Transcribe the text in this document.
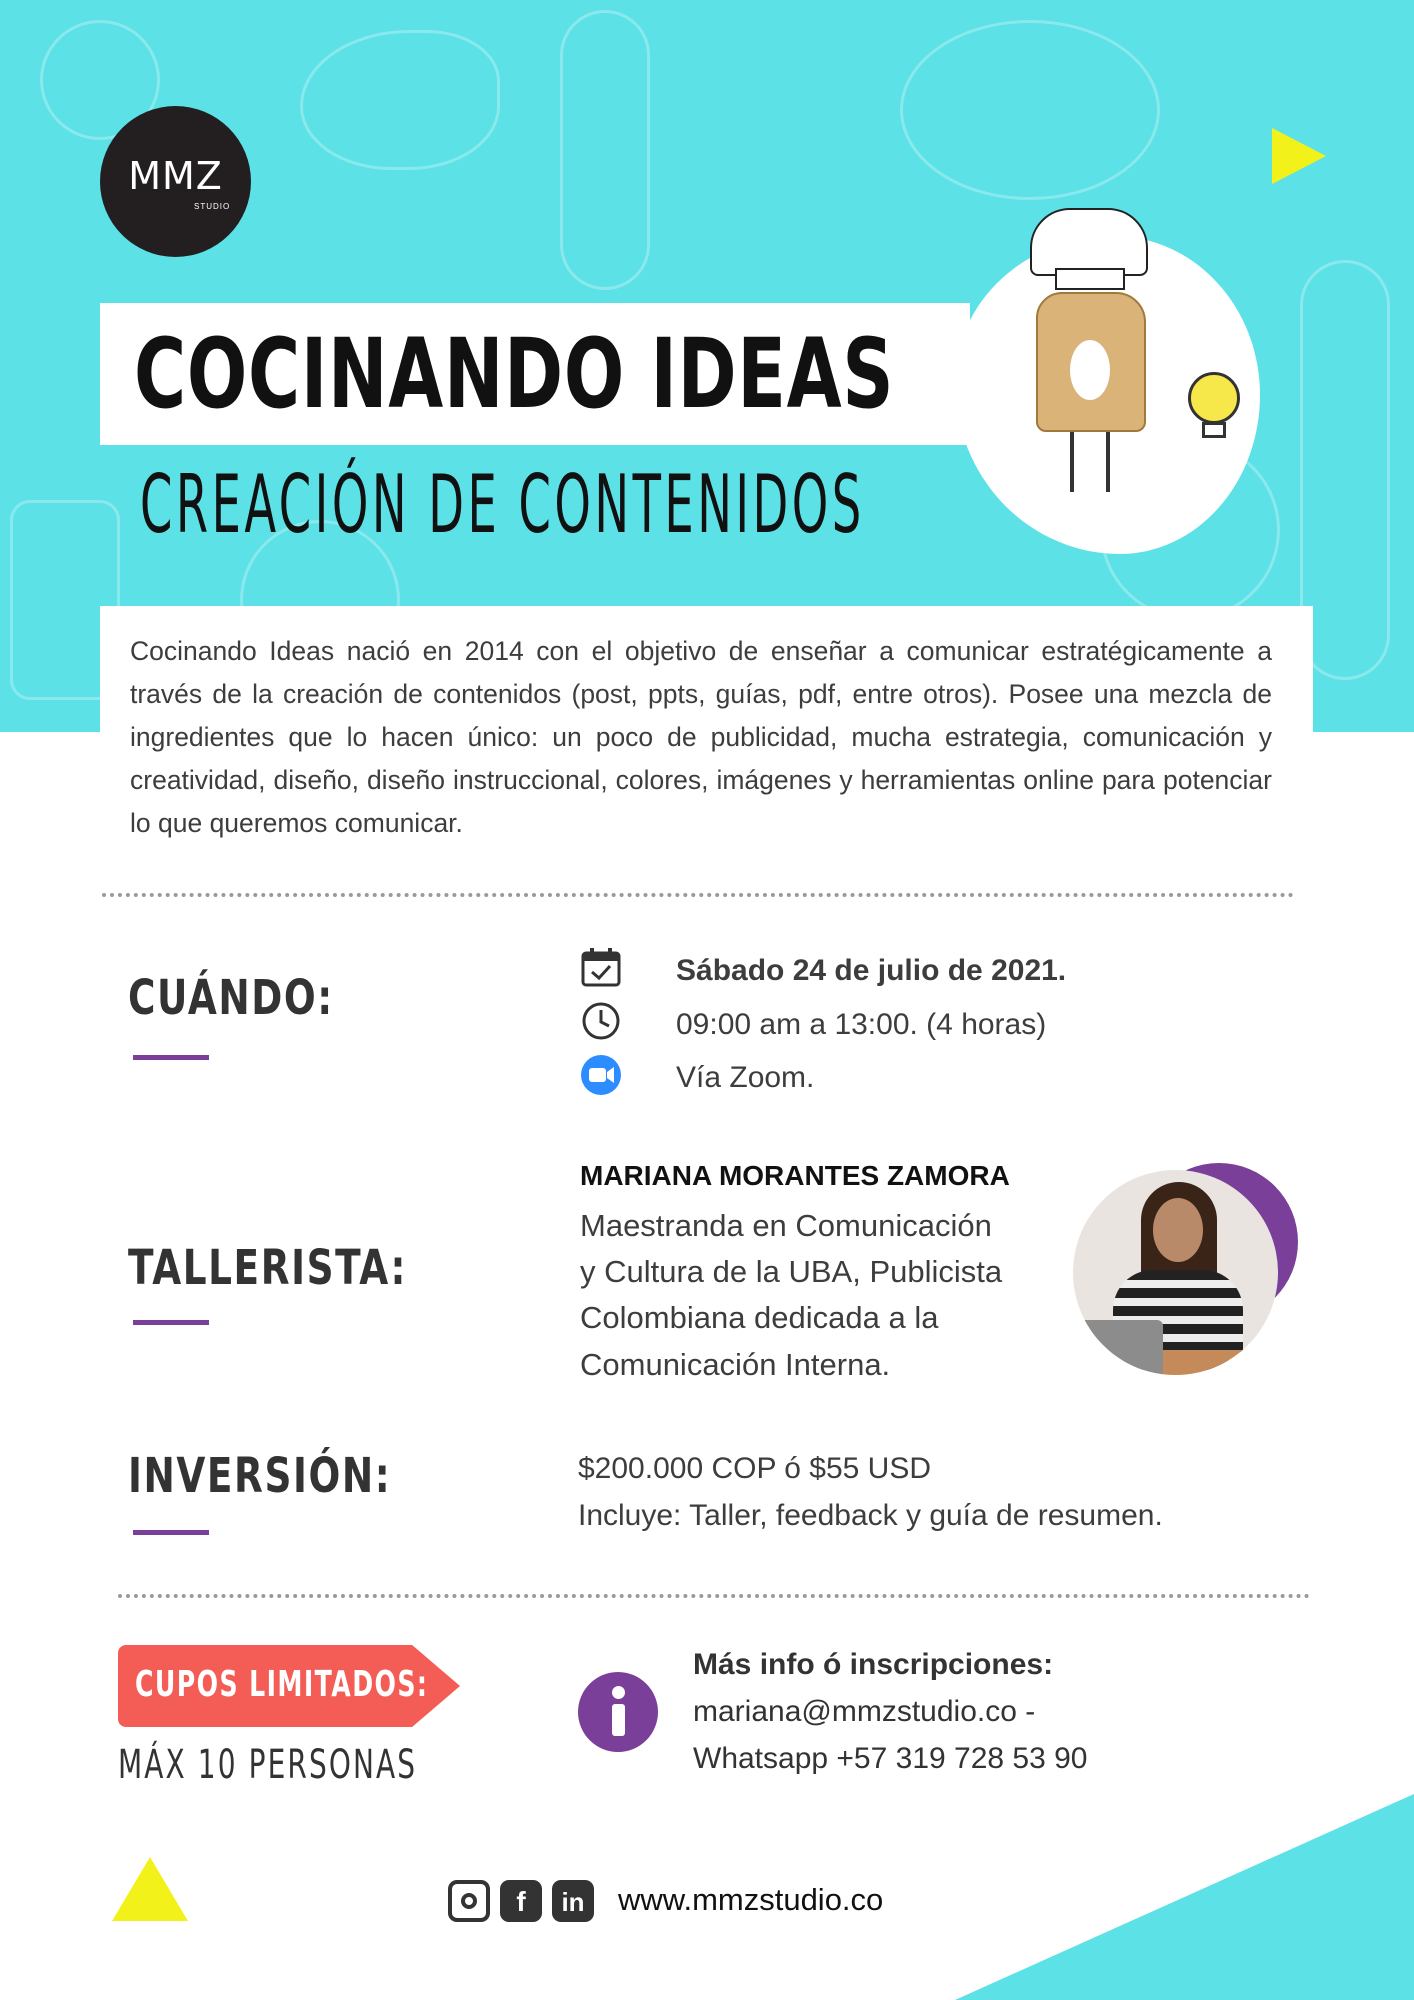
MMZ
STUDIO
COCINANDO IDEAS
CREACIÓN DE CONTENIDOS

Cocinando Ideas nació en 2014 con el objetivo de enseñar a comunicar estratégicamente a través de la creación de contenidos (post, ppts, guías, pdf, entre otros). Posee una mezcla de ingredientes que lo hacen único: un poco de publicidad, mucha estrategia, comunicación y creatividad, diseño, diseño instruccional, colores, imágenes y herramientas online para potenciar lo que queremos comunicar.

CUÁNDO:	Sábado 24 de julio de 2021.
09:00 am a 13:00. (4 horas)
Vía Zoom.
TALLERISTA:
MARIANA MORANTES ZAMORA
Maestranda en Comunicación
y Cultura de la UBA, Publicista
Colombiana dedicada a la
Comunicación Interna.
INVERSIÓN:	$200.000 COP ó $55 USD
Incluye: Taller, feedback y guía de resumen.
CUPOS LIMITADOS:
MÁX 10 PERSONAS
Más info ó inscripciones:
mariana@mmzstudio.co -
Whatsapp +57 319 728 53 90
f	in	www.mmzstudio.co
